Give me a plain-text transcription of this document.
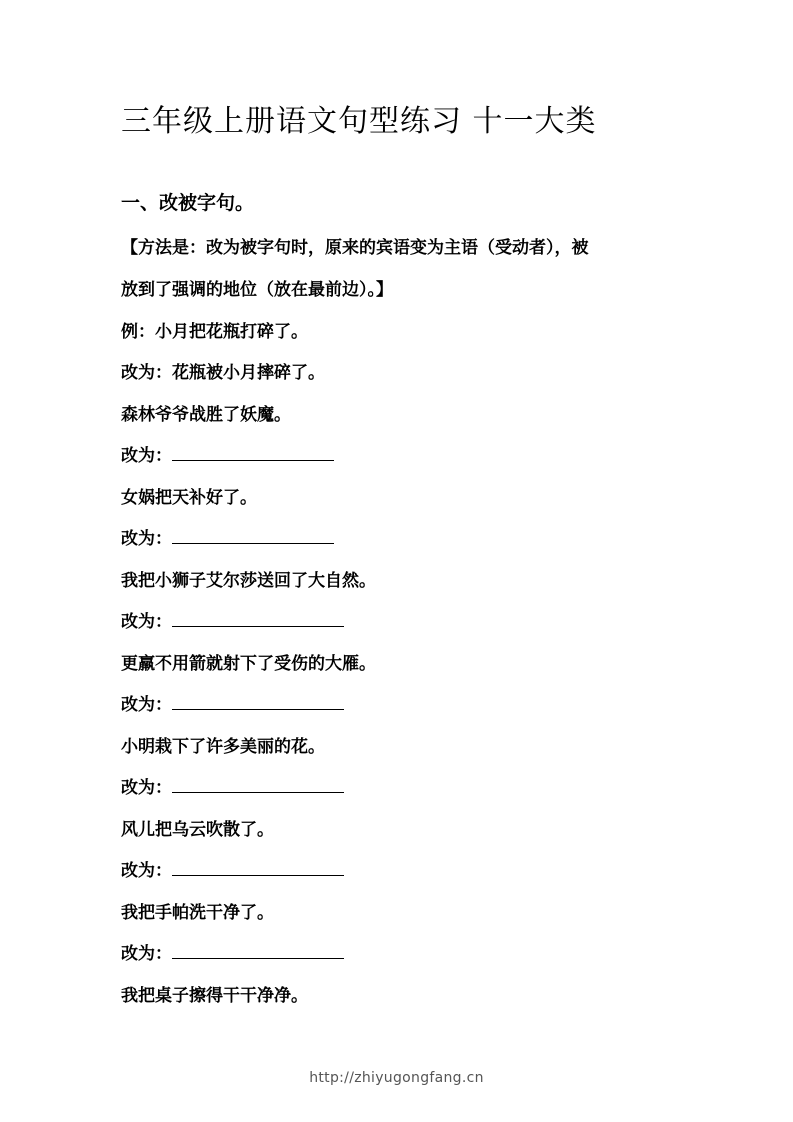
三年级上册语文句型练习 十一大类
一、改被字句。
【方法是：改为被字句时，原来的宾语变为主语（受动者），被
放到了强调的地位（放在最前边）。】
例：小月把花瓶打碎了。
改为：花瓶被小月摔碎了。
森林爷爷战胜了妖魔。
改为：
女娲把天补好了。
改为：
我把小狮子艾尔莎送回了大自然。
改为：
更羸不用箭就射下了受伤的大雁。
改为：
小明栽下了许多美丽的花。
改为：
风儿把乌云吹散了。
改为：
我把手帕洗干净了。
改为：
我把桌子擦得干干净净。
http://zhiyugongfang.cn
